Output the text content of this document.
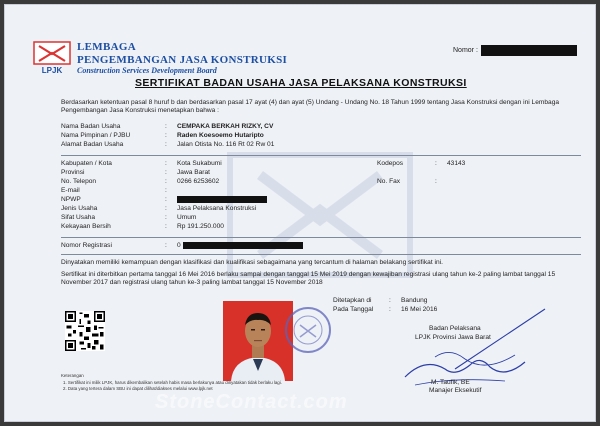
LPJK
LEMBAGA
PENGEMBANGAN JASA KONSTRUKSI
Construction Services Development Board
Nomor :
SERTIFIKAT BADAN USAHA JASA PELAKSANA KONSTRUKSI
Berdasarkan ketentuan pasal 8 huruf b dan berdasarkan pasal 17 ayat (4) dan ayat (5) Undang - Undang No. 18 Tahun 1999 tentang Jasa Konstruksi dengan ini Lembaga Pengembangan Jasa Konstruksi menetapkan bahwa :
Nama Badan Usaha	: CEMPAKA BERKAH RIZKY, CV
Nama Pimpinan / PJBU	: Raden Koesoemo Hutaripto
Alamat Badan Usaha	: Jalan Otista No. 116 Rt 02 Rw 01
Kabupaten / Kota	: Kota Sukabumi	Kodepos	: 43143
Provinsi	: Jawa Barat
No. Telepon	: 0266 6253602	No. Fax	:
E-mail	:
NPWP	:
Jenis Usaha	: Jasa Pelaksana Konstruksi
Sifat Usaha	: Umum
Kekayaan Bersih	: Rp 191.250.000
Nomor Registrasi	: 0
Dinyatakan memiliki kemampuan dengan klasifikasi dan kualifikasi sebagaimana yang tercantum di halaman belakang sertifikat ini.
Sertifikat ini diterbitkan pertama tanggal 16 Mei 2016 berlaku sampai dengan tanggal 15 Mei 2019 dengan kewajiban registrasi ulang tahun ke-2 paling lambat tanggal 15 November 2017 dan registrasi ulang tahun ke-3 paling lambat tanggal 15 November 2018
Ditetapkan di	: Bandung
Pada Tanggal : 16 Mei 2016
Badan Pelaksana
LPJK Provinsi Jawa Barat
M. Taufik, BE
Manajer Eksekutif
Keterangan
1. Sertifikat ini milik LPJK, harus dikembalikan setelah habis masa berlakunya atau dinyatakan tidak berlaku lagi.
2. Data yang tertera dalam SBU ini dapat dilihat/diakses melalui www.lpjk.net
StoneContact.com
